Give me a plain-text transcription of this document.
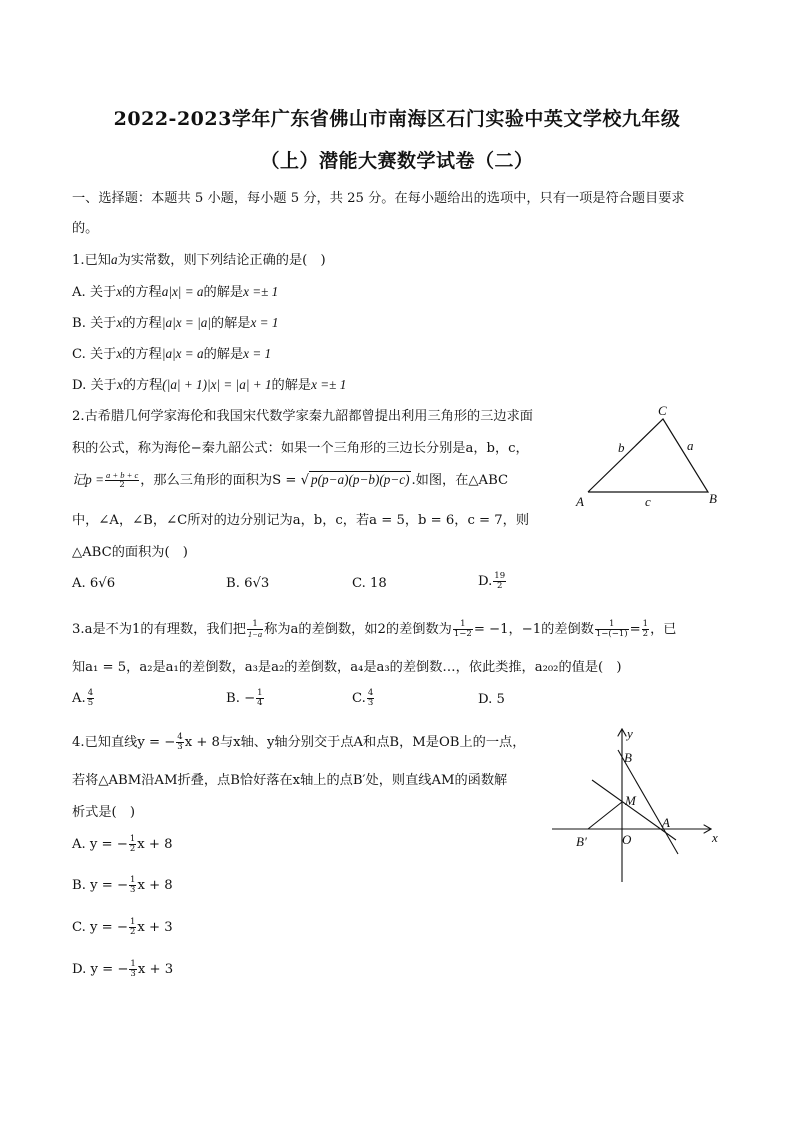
2022-2023学年广东省佛山市南海区石门实验中英文学校九年级
（上）潜能大赛数学试卷（二）
一、选择题：本题共 5 小题，每小题 5 分，共 25 分。在每小题给出的选项中，只有一项是符合题目要求
的。
1.已知a为实常数，则下列结论正确的是(　)
A. 关于x的方程a|x| = a的解是x =± 1
B. 关于x的方程|a|x = |a|的解是x = 1
C. 关于x的方程|a|x = a的解是x = 1
D. 关于x的方程(|a| + 1)|x| = |a| + 1的解是x =± 1
2.古希腊几何学家海伦和我国宋代数学家秦九韶都曾提出利用三角形的三边求面
积的公式，称为海伦−秦九韶公式：如果一个三角形的三边长分别是a，b，c，
记$p = \frac{a + b + c}{2}$ ，那么三角形的面积为S = √ p(p−a)(p−b)(p−c) .如图，在△ABC
中，∠A，∠B，∠C所对的边分别记为a，b，c，若a = 5，b = 6，c = 7，则
△ABC的面积为(　)
A. 6√6	B. 6√3	C. 18	D. $\frac{19}{2}$
C
A	B
b	a
c
3.a是不为1的有理数，我们把 $\frac{1}{1-a}$ 称为a的差倒数，如2的差倒数为 $\frac{1}{1-2} = -1$，−1的差倒数 $\frac{1}{1-(-1)} = \frac{1}{2}$ ，已
知a₁ = 5，a₂是a₁的差倒数，a₃是a₂的差倒数，a₄是a₃的差倒数…，依此类推，a₂₀₂的值是(　)
A. $\frac{4}{5}$	B. − $\frac{1}{4}$	C. $\frac{4}{3}$	D. 5
4.已知直线y = − $\frac{4}{3}$ x + 8与x轴、y轴分别交于点A和点B，M是OB上的一点，
若将△ABM沿AM折叠，点B恰好落在x轴上的点B′处，则直线AM的函数解
析式是(　)
A. y = − $\frac{1}{2}$ x + 8
B. y = − $\frac{1}{3}$ x + 8
C. y = − $\frac{1}{2}$ x + 3
D. y = − $\frac{1}{3}$ x + 3
y
x
B
M
A
B′	O
